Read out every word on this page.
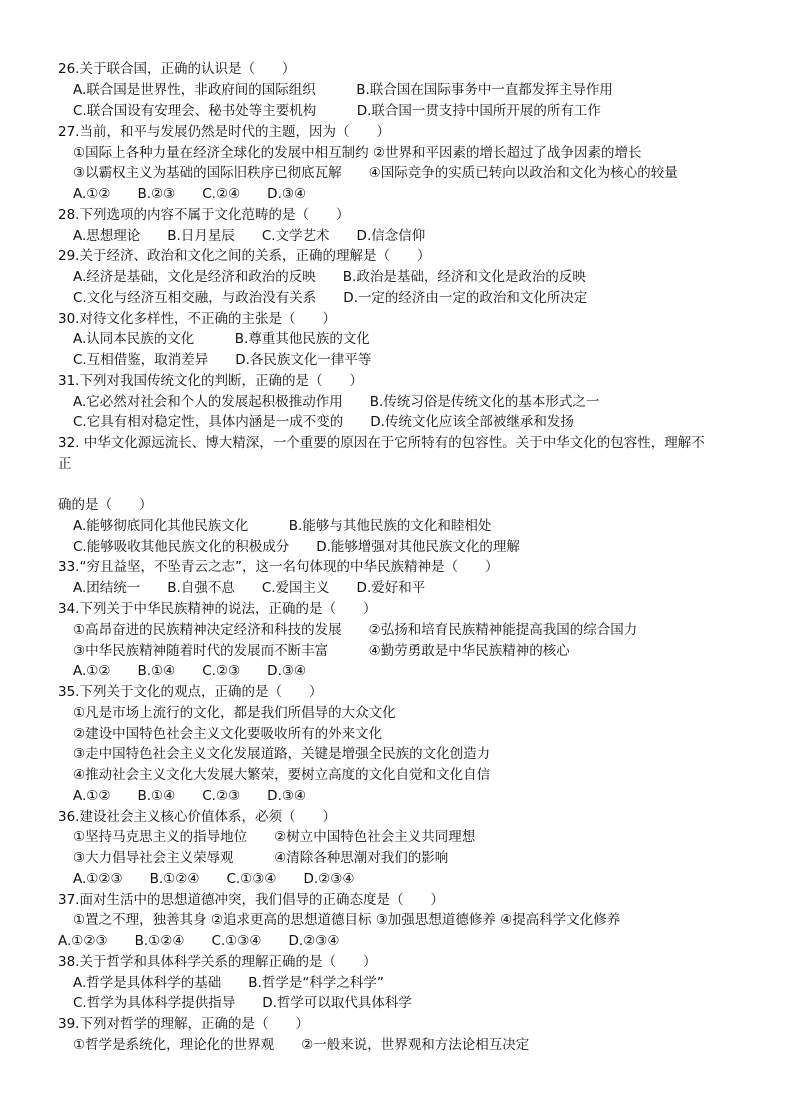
26.关于联合国，正确的认识是（　　）
A.联合国是世界性，非政府间的国际组织　　　B.联合国在国际事务中一直都发挥主导作用
C.联合国设有安理会、秘书处等主要机构　　　D.联合国一贯支持中国所开展的所有工作
27.当前，和平与发展仍然是时代的主题，因为（　　）
①国际上各种力量在经济全球化的发展中相互制约 ②世界和平因素的增长超过了战争因素的增长
③以霸权主义为基础的国际旧秩序已彻底瓦解　　④国际竞争的实质已转向以政治和文化为核心的较量
A.①②　　B.②③　　C.②④　　D.③④
28.下列选项的内容不属于文化范畴的是（　　）
A.思想理论　　B.日月星辰　　C.文学艺术　　D.信念信仰
29.关于经济、政治和文化之间的关系，正确的理解是（　　）
A.经济是基础，文化是经济和政治的反映　　B.政治是基础，经济和文化是政治的反映
C.文化与经济互相交融，与政治没有关系　　D.一定的经济由一定的政治和文化所决定
30.对待文化多样性，不正确的主张是（　　）
A.认同本民族的文化　　　B.尊重其他民族的文化
C.互相借鉴，取消差异　　D.各民族文化一律平等
31.下列对我国传统文化的判断，正确的是（　　）
A.它必然对社会和个人的发展起积极推动作用　　B.传统习俗是传统文化的基本形式之一
C.它具有相对稳定性，具体内涵是一成不变的　　D.传统文化应该全部被继承和发扬
32. 中华文化源远流长、博大精深，一个重要的原因在于它所特有的包容性。关于中华文化的包容性，理解不
正
确的是（　　）
A.能够彻底同化其他民族文化　　　B.能够与其他民族的文化和睦相处
C.能够吸收其他民族文化的积极成分　　D.能够增强对其他民族文化的理解
33.“穷且益坚，不坠青云之志”，这一名句体现的中华民族精神是（　　）
A.团结统一　　B.自强不息　　C.爱国主义　　D.爱好和平
34.下列关于中华民族精神的说法，正确的是（　　）
①高昂奋进的民族精神决定经济和科技的发展　　②弘扬和培育民族精神能提高我国的综合国力
③中华民族精神随着时代的发展而不断丰富　　　④勤劳勇敢是中华民族精神的核心
A.①②　　B.①④　　C.②③　　D.③④
35.下列关于文化的观点，正确的是（　　）
①凡是市场上流行的文化，都是我们所倡导的大众文化
②建设中国特色社会主义文化要吸收所有的外来文化
③走中国特色社会主义文化发展道路，关键是增强全民族的文化创造力
④推动社会主义文化大发展大繁荣，要树立高度的文化自觉和文化自信
A.①②　　B.①④　　C.②③　　D.③④
36.建设社会主义核心价值体系，必须（　　）
①坚持马克思主义的指导地位　　②树立中国特色社会主义共同理想
③大力倡导社会主义荣辱观　　　④清除各种思潮对我们的影响
A.①②③　　B.①②④　　C.①③④　　D.②③④
37.面对生活中的思想道德冲突，我们倡导的正确态度是（　　）
①置之不理，独善其身 ②追求更高的思想道德目标 ③加强思想道德修养 ④提高科学文化修养
A.①②③　　B.①②④　　C.①③④　　D.②③④
38.关于哲学和具体科学关系的理解正确的是（　　）
A.哲学是具体科学的基础　　B.哲学是“科学之科学”
C.哲学为具体科学提供指导　　D.哲学可以取代具体科学
39.下列对哲学的理解，正确的是（　　）
①哲学是系统化，理论化的世界观　　②一般来说，世界观和方法论相互决定
